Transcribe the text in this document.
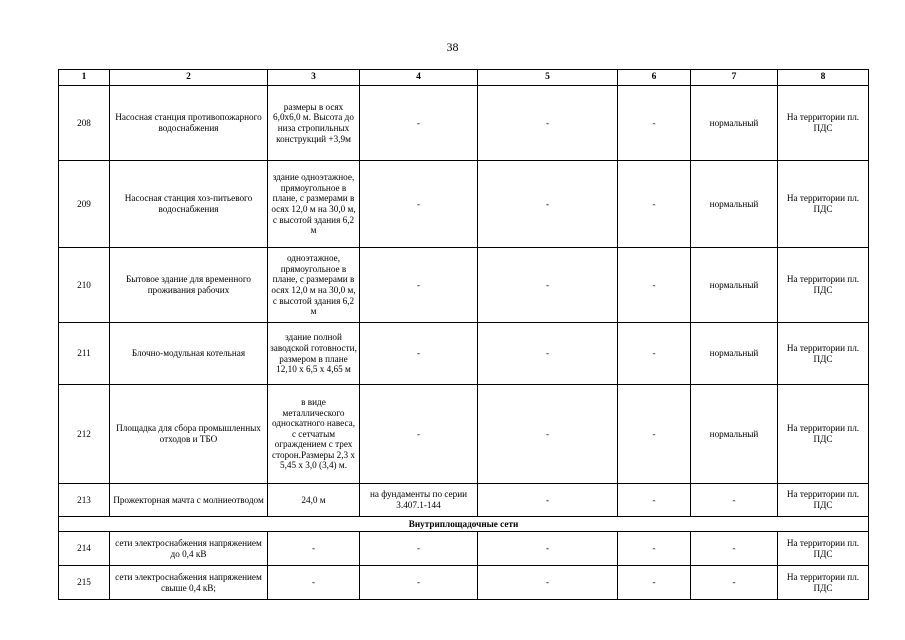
38
1	2	3	4	5	6	7	8
208	Насосная станция противопожарного водоснабжения	размеры в осях 6,0х6,0 м. Высота до низа стропильных конструкций +3,9м	-	-	-	нормальный	На территории пл. ПДС
209	Насосная станция хоз-питьевого водоснабжения	здание одноэтажное, прямоугольное в плане, с размерами в осях 12,0 м на 30,0 м, с высотой здания 6,2 м	-	-	-	нормальный	На территории пл. ПДС
210	Бытовое здание для временного проживания рабочих	одноэтажное, прямоугольное в плане, с размерами в осях 12,0 м на 30,0 м, с высотой здания 6,2 м	-	-	-	нормальный	На территории пл. ПДС
211	Блочно-модульная котельная	здание полной заводской готовности, размером в плане 12,10 х 6,5 х 4,65 м	-	-	-	нормальный	На территории пл. ПДС
212	Площадка для сбора промышленных отходов и ТБО	в виде металлического односкатного навеса, с сетчатым ограждением с трех сторон.Размеры 2,3 х 5,45 х 3,0 (3,4) м.	-	-	-	нормальный	На территории пл. ПДС
213	Прожекторная мачта с молниеотводом	24,0 м	на фундаменты по серии 3.407.1-144	-	-	-	На территории пл. ПДС
Внутриплощадочные сети							
214	сети электроснабжения напряжением до 0,4 кВ	-	-	-	-	-	На территории пл. ПДС
215	сети электроснабжения напряжением свыше 0,4 кВ;	-	-	-	-	-	На территории пл. ПДС
